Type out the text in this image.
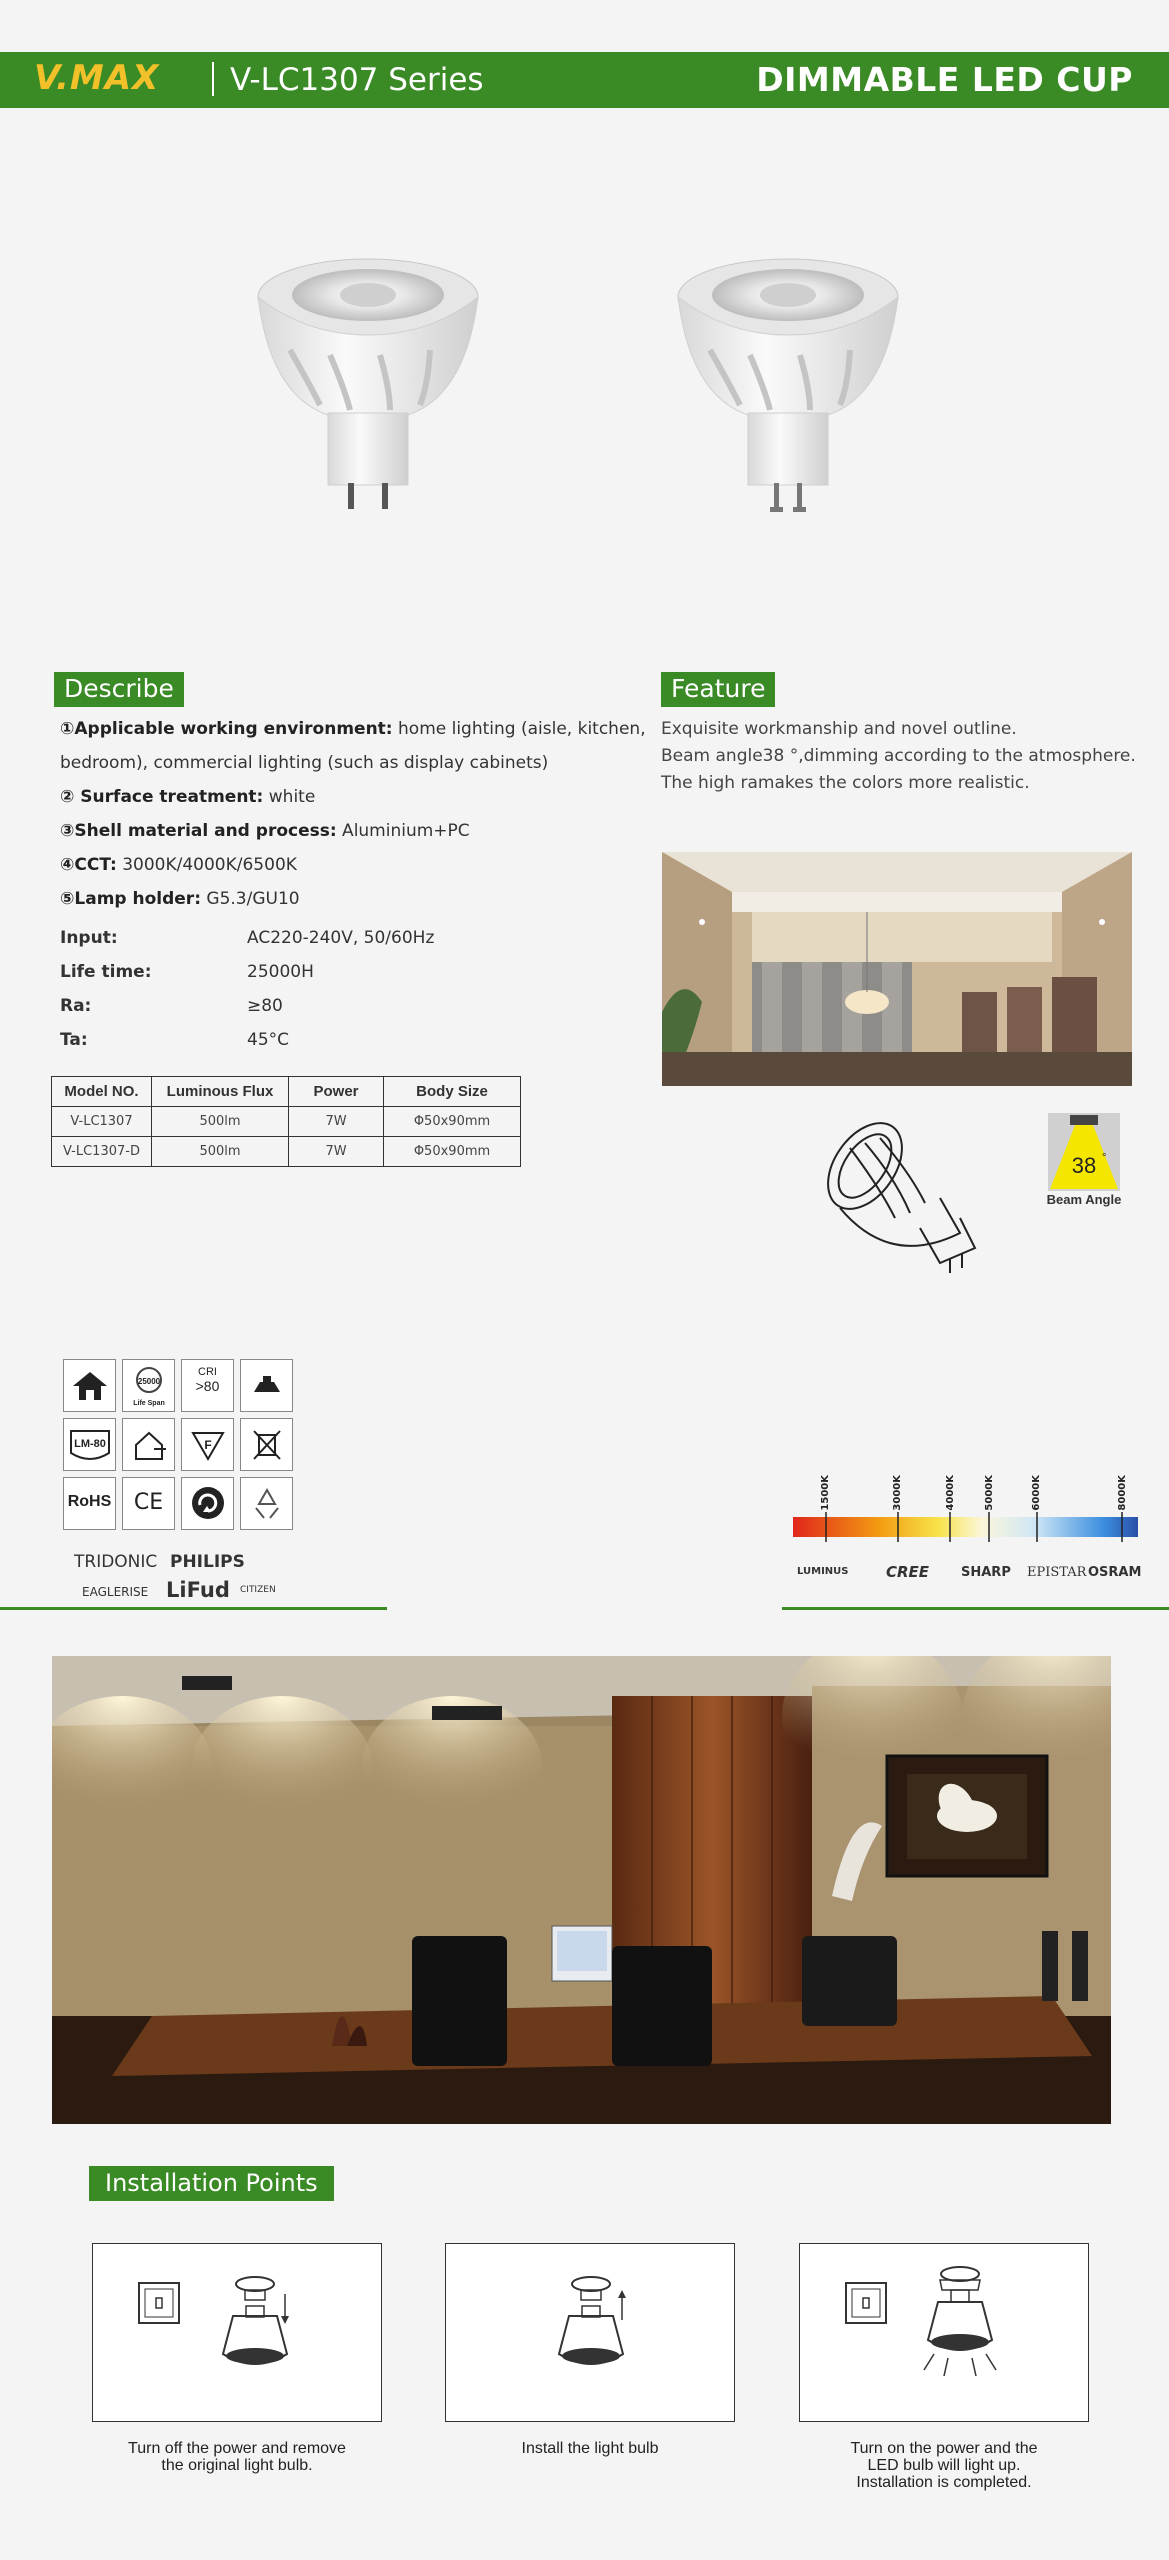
V.MAX V-LC1307 Series	DIMMABLE LED CUP
Describe
①Applicable working environment: home lighting (aisle, kitchen,
bedroom), commercial lighting (such as display cabinets)
② Surface treatment: white
③Shell material and process: Aluminium+PC
④CCT: 3000K/4000K/6500K
⑤Lamp holder: G5.3/GU10
Input:	AC220-240V, 50/60Hz
Life time:	25000H
Ra:	≥80
Ta:	45°C
Model NO.	Luminous Flux	Power	Body Size
V-LC1307	500lm	7W	Φ50x90mm
V-LC1307-D	500lm	7W	Φ50x90mm
Feature
Exquisite workmanship and novel outline.
Beam angle38 °,dimming according to the atmosphere.
The high ramakes the colors more realistic.
38 °
Beam Angle
25000
Life Span
CRI
>80
LM-80	F
RoHS	CE
TRIDONIC PHILIPS
EAGLERISE LiFud CITIZEN
1500K	3000K	4000K	5000K	6000K	8000K
LUMINUS	CREE SHARP EPISTAR OSRAM
Installation Points
Turn off the power and remove
the original light bulb.
Install the light bulb	Turn on the power and the
LED bulb will light up.
Installation is completed.
